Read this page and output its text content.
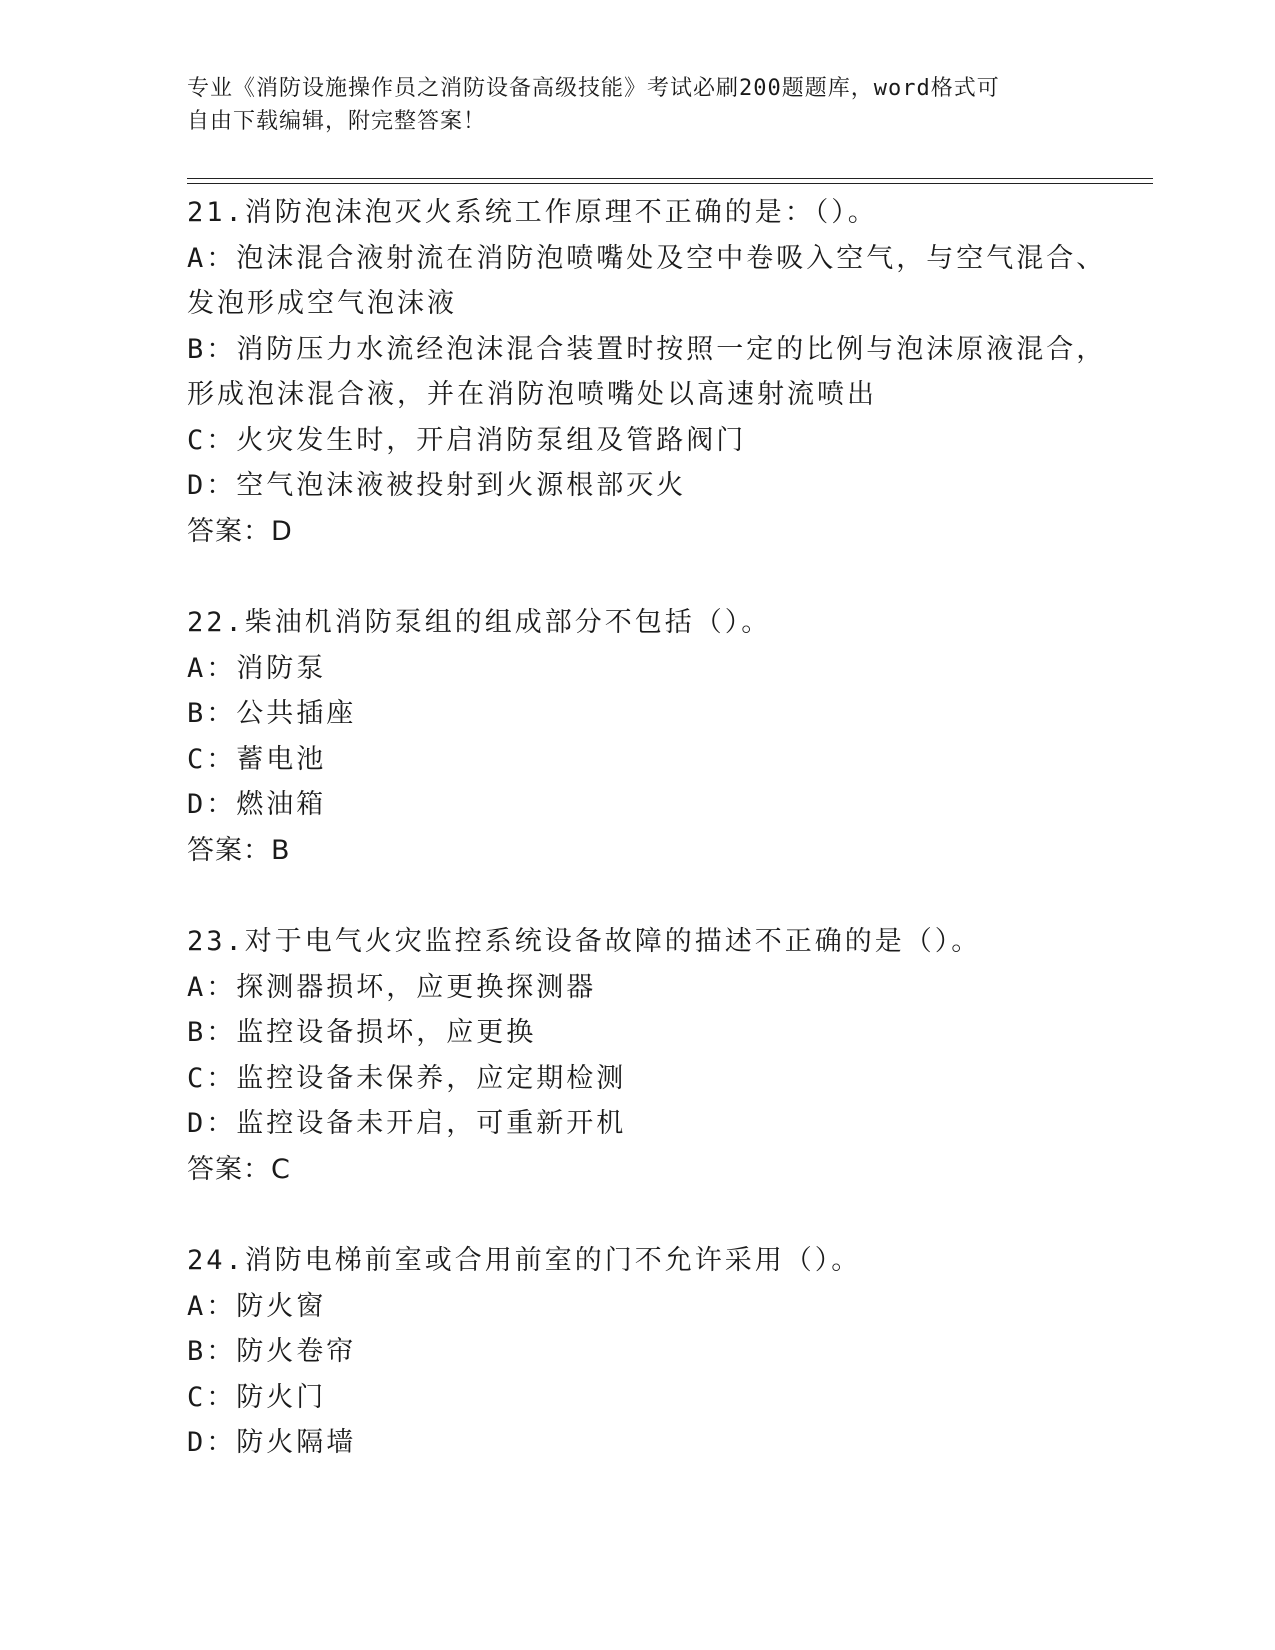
专业《消防设施操作员之消防设备高级技能》考试必刷200题题库，word格式可
自由下载编辑，附完整答案！
21.消防泡沫泡灭火系统工作原理不正确的是：（）。
A：泡沫混合液射流在消防泡喷嘴处及空中卷吸入空气，与空气混合、
发泡形成空气泡沫液
B：消防压力水流经泡沫混合装置时按照一定的比例与泡沫原液混合，
形成泡沫混合液，并在消防泡喷嘴处以高速射流喷出
C：火灾发生时，开启消防泵组及管路阀门
D：空气泡沫液被投射到火源根部灭火
答案：D
22.柴油机消防泵组的组成部分不包括（）。
A：消防泵
B：公共插座
C：蓄电池
D：燃油箱
答案：B
23.对于电气火灾监控系统设备故障的描述不正确的是（）。
A：探测器损坏，应更换探测器
B：监控设备损坏，应更换
C：监控设备未保养，应定期检测
D：监控设备未开启，可重新开机
答案：C
24.消防电梯前室或合用前室的门不允许采用（）。
A：防火窗
B：防火卷帘
C：防火门
D：防火隔墙
